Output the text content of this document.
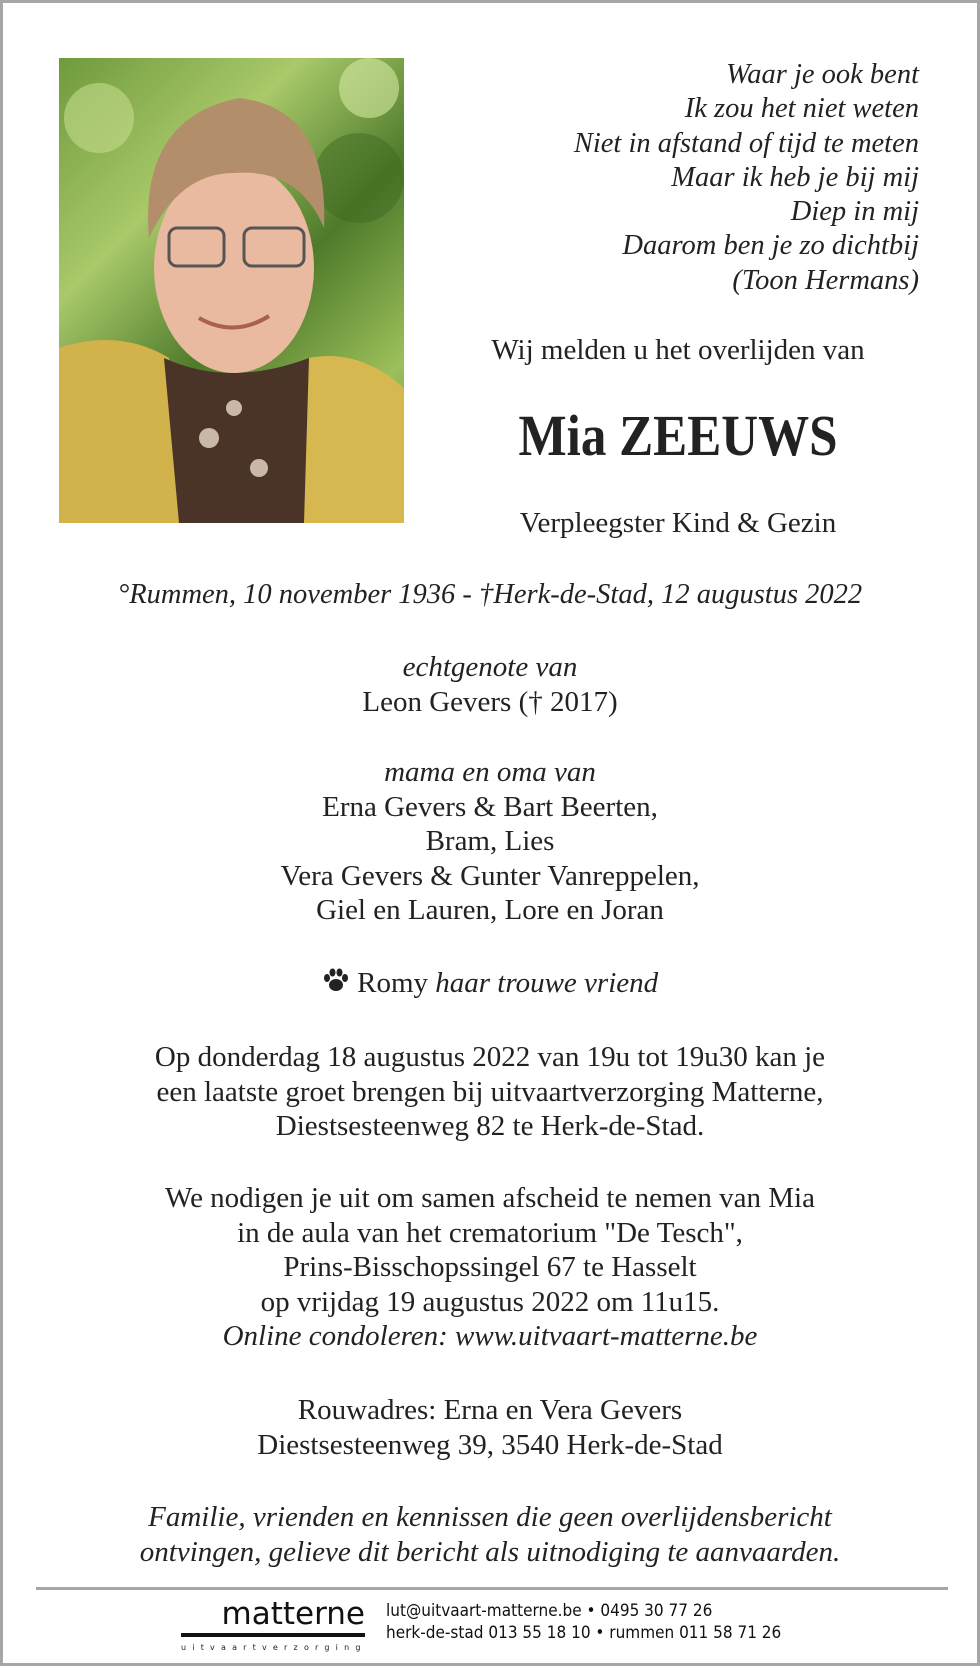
Waar je ook bent
Ik zou het niet weten
Niet in afstand of tijd te meten
Maar ik heb je bij mij
Diep in mij
Daarom ben je zo dichtbij
(Toon Hermans)
Wij melden u het overlijden van
Mia ZEEUWS
Verpleegster Kind & Gezin
°Rummen, 10 november 1936 - †Herk-de-Stad, 12 augustus 2022
echtgenote van
Leon Gevers († 2017)
mama en oma van
Erna Gevers & Bart Beerten,
Bram, Lies
Vera Gevers & Gunter Vanreppelen,
Giel en Lauren, Lore en Joran
Romy haar trouwe vriend
Op donderdag 18 augustus 2022 van 19u tot 19u30 kan je
een laatste groet brengen bij uitvaartverzorging Matterne,
Diestsesteenweg 82 te Herk-de-Stad.
We nodigen je uit om samen afscheid te nemen van Mia
in de aula van het crematorium "De Tesch",
Prins-Bisschopssingel 67 te Hasselt
op vrijdag 19 augustus 2022 om 11u15.
Online condoleren: www.uitvaart-matterne.be
Rouwadres: Erna en Vera Gevers
Diestsesteenweg 39, 3540 Herk-de-Stad
Familie, vrienden en kennissen die geen overlijdensbericht
ontvingen, gelieve dit bericht als uitnodiging te aanvaarden.
matterne
uitvaartverzorging
lut@uitvaart-matterne.be • 0495 30 77 26
herk-de-stad 013 55 18 10 • rummen 011 58 71 26
